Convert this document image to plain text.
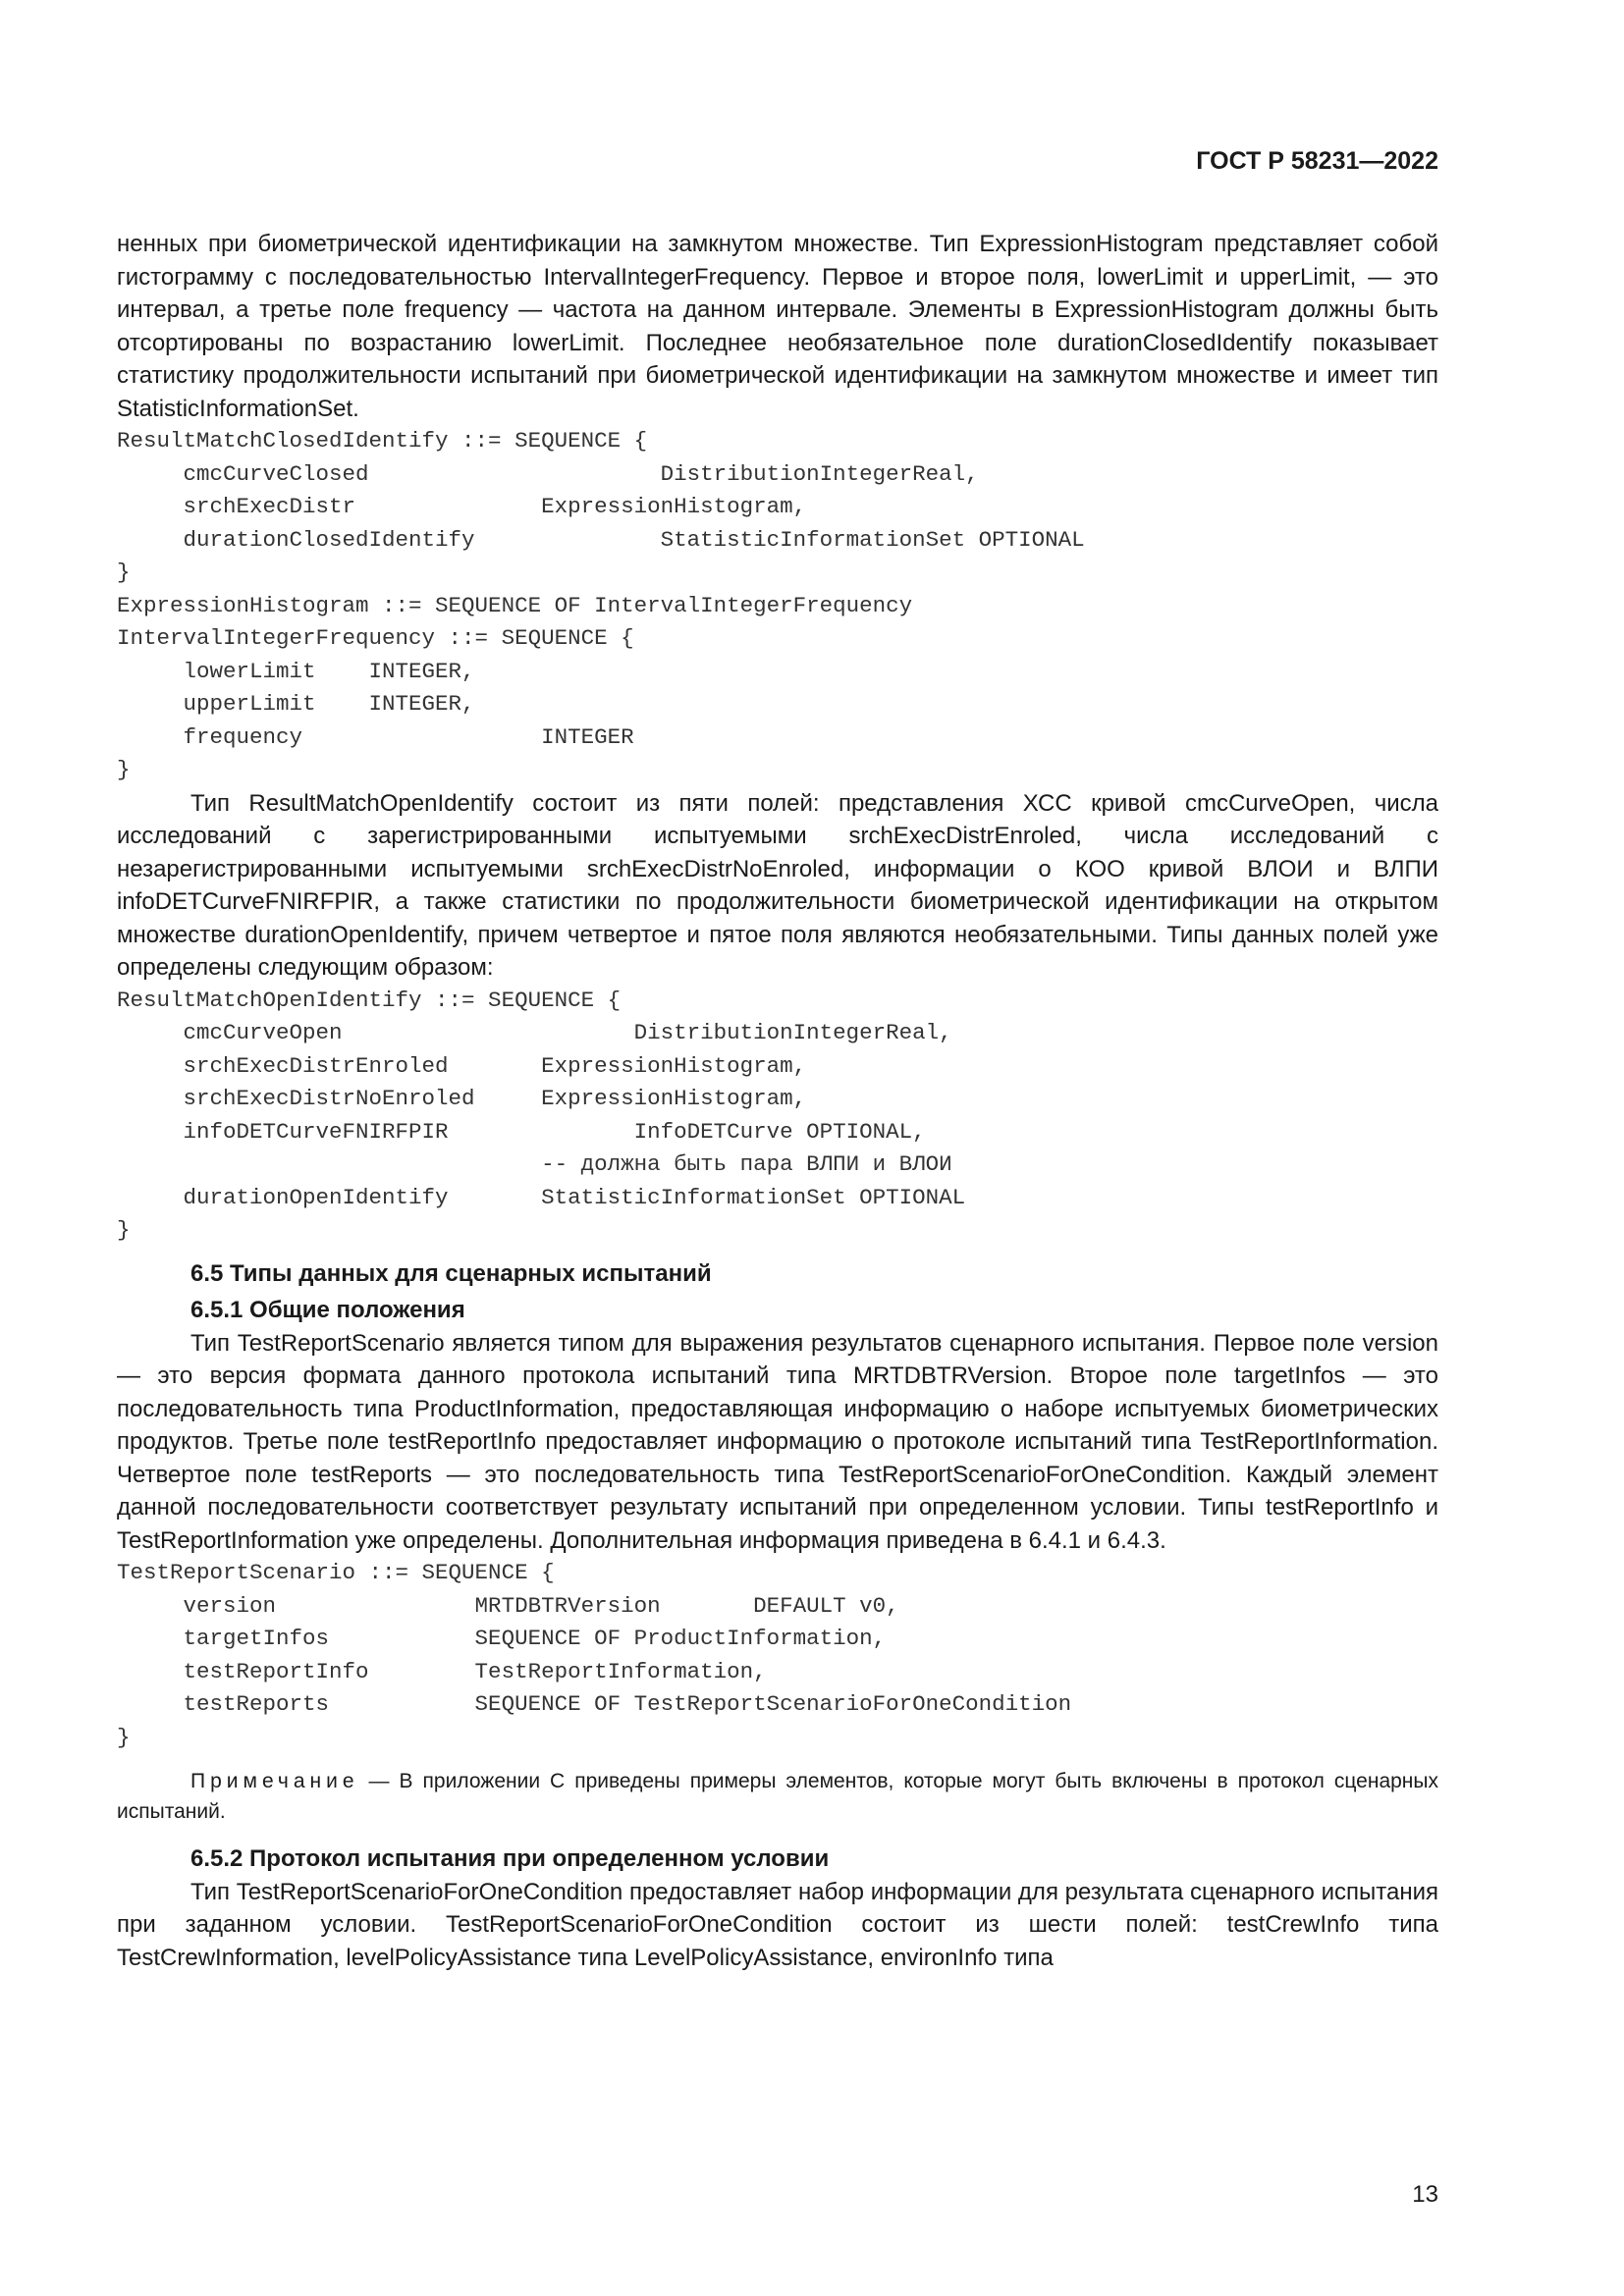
ГОСТ Р 58231—2022

ненных при биометрической идентификации на замкнутом множестве. Тип ExpressionHistogram представляет собой гистограмму с последовательностью IntervalIntegerFrequency. Первое и второе поля, lowerLimit и upperLimit, — это интервал, а третье поле frequency — частота на данном интервале. Элементы в ExpressionHistogram должны быть отсортированы по возрастанию lowerLimit. Последнее необязательное поле durationClosedIdentify показывает статистику продолжительности испытаний при биометрической идентификации на замкнутом множестве и имеет тип StatisticInformationSet.

ResultMatchClosedIdentify ::= SEQUENCE {
cmcCurveClosed                      DistributionIntegerReal,
srchExecDistr              ExpressionHistogram,
durationClosedIdentify              StatisticInformationSet OPTIONAL
}
ExpressionHistogram ::= SEQUENCE OF IntervalIntegerFrequency
IntervalIntegerFrequency ::= SEQUENCE {
lowerLimit    INTEGER,
upperLimit    INTEGER,
frequency                  INTEGER
}

Тип ResultMatchOpenIdentify состоит из пяти полей: представления ХСС кривой cmcCurveOpen, числа исследований с зарегистрированными испытуемыми srchExecDistrEnroled, числа исследований с незарегистрированными испытуемыми srchExecDistrNoEnroled, информации о КОО кривой ВЛОИ и ВЛПИ infoDETCurveFNIRFPIR, а также статистики по продолжительности биометрической идентификации на открытом множестве durationOpenIdentify, причем четвертое и пятое поля являются необязательными. Типы данных полей уже определены следующим образом:

ResultMatchOpenIdentify ::= SEQUENCE {
cmcCurveOpen                      DistributionIntegerReal,
srchExecDistrEnroled       ExpressionHistogram,
srchExecDistrNoEnroled     ExpressionHistogram,
infoDETCurveFNIRFPIR              InfoDETCurve OPTIONAL,
-- должна быть пара ВЛПИ и ВЛОИ
durationOpenIdentify       StatisticInformationSet OPTIONAL
}

6.5 Типы данных для сценарных испытаний

6.5.1 Общие положения

Тип TestReportScenario является типом для выражения результатов сценарного испытания. Первое поле version — это версия формата данного протокола испытаний типа MRTDBTRVersion. Второе поле targetInfos — это последовательность типа ProductInformation, предоставляющая информацию о наборе испытуемых биометрических продуктов. Третье поле testReportInfo предоставляет информацию о протоколе испытаний типа TestReportInformation. Четвертое поле testReports — это последовательность типа TestReportScenarioForOneCondition. Каждый элемент данной последовательности соответствует результату испытаний при определенном условии. Типы testReportInfo и TestReportInformation уже определены. Дополнительная информация приведена в 6.4.1 и 6.4.3.

TestReportScenario ::= SEQUENCE {
version               MRTDBTRVersion       DEFAULT v0,
targetInfos           SEQUENCE OF ProductInformation,
testReportInfo        TestReportInformation,
testReports           SEQUENCE OF TestReportScenarioForOneCondition
}

Примечание — В приложении С приведены примеры элементов, которые могут быть включены в протокол сценарных испытаний.

6.5.2 Протокол испытания при определенном условии

Тип TestReportScenarioForOneCondition предоставляет набор информации для результата сценарного испытания при заданном условии. TestReportScenarioForOneCondition состоит из шести полей: testCrewInfo типа TestCrewInformation, levelPolicyAssistance типа LevelPolicyAssistance, environInfo типа

13
